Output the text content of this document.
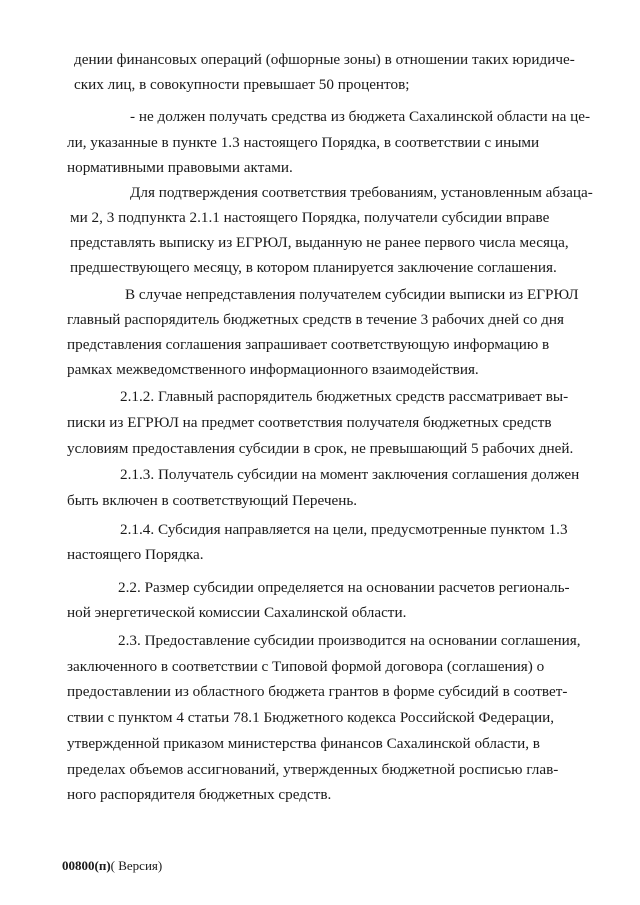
дении финансовых операций (офшорные зоны) в отношении таких юридиче-
ских лиц, в совокупности превышает 50 процентов;
- не должен получать средства из бюджета Сахалинской области на це-
ли, указанные в пункте 1.3 настоящего Порядка, в соответствии с иными
нормативными правовыми актами.
Для подтверждения соответствия требованиям, установленным абзаца-
ми 2, 3 подпункта 2.1.1 настоящего Порядка, получатели субсидии вправе
представлять выписку из ЕГРЮЛ, выданную не ранее первого числа месяца,
предшествующего месяцу, в котором планируется заключение соглашения.
В случае непредставления получателем субсидии выписки из ЕГРЮЛ
главный распорядитель бюджетных средств в течение 3 рабочих дней со дня
представления соглашения запрашивает соответствующую информацию в
рамках межведомственного информационного взаимодействия.
2.1.2. Главный распорядитель бюджетных средств рассматривает вы-
писки из ЕГРЮЛ на предмет соответствия получателя бюджетных средств
условиям предоставления субсидии в срок, не превышающий 5 рабочих дней.
2.1.3. Получатель субсидии на момент заключения соглашения должен
быть включен в соответствующий Перечень.
2.1.4. Субсидия направляется на цели, предусмотренные пунктом 1.3
настоящего Порядка.
2.2. Размер субсидии определяется на основании расчетов региональ-
ной энергетической комиссии Сахалинской области.
2.3. Предоставление субсидии производится на основании соглашения,
заключенного в соответствии с Типовой формой договора (соглашения) о
предоставлении из областного бюджета грантов в форме субсидий в соответ-
ствии с пунктом 4 статьи 78.1 Бюджетного кодекса Российской Федерации,
утвержденной приказом министерства финансов Сахалинской области, в
пределах объемов ассигнований, утвержденных бюджетной росписью глав-
ного распорядителя бюджетных средств.
00800(п)( Версия)
